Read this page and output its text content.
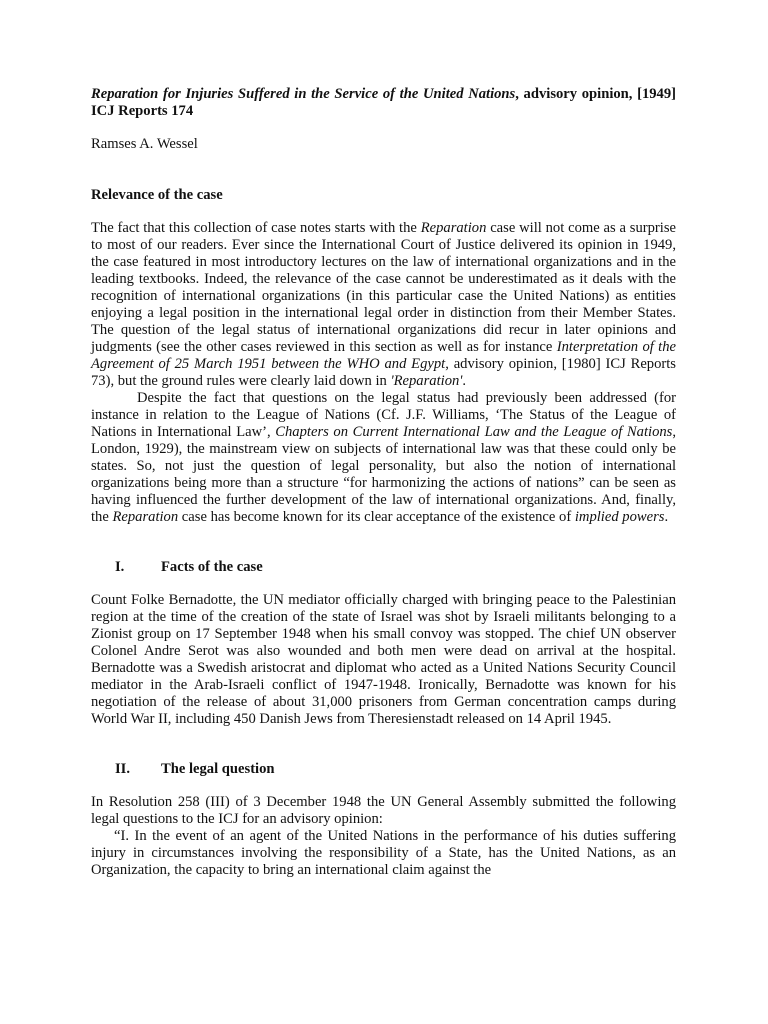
Reparation for Injuries Suffered in the Service of the United Nations, advisory opinion, [1949] ICJ Reports 174

Ramses A. Wessel

Relevance of the case

The fact that this collection of case notes starts with the Reparation case will not come as a surprise to most of our readers. Ever since the International Court of Justice delivered its opinion in 1949, the case featured in most introductory lectures on the law of international organizations and in the leading textbooks. Indeed, the relevance of the case cannot be underestimated as it deals with the recognition of international organizations (in this particular case the United Nations) as entities enjoying a legal position in the international legal order in distinction from their Member States. The question of the legal status of international organizations did recur in later opinions and judgments (see the other cases reviewed in this section as well as for instance Interpretation of the Agreement of 25 March 1951 between the WHO and Egypt, advisory opinion, [1980] ICJ Reports 73), but the ground rules were clearly laid down in 'Reparation'.

Despite the fact that questions on the legal status had previously been addressed (for instance in relation to the League of Nations (Cf. J.F. Williams, ‘The Status of the League of Nations in International Law’, Chapters on Current International Law and the League of Nations, London, 1929), the mainstream view on subjects of international law was that these could only be states. So, not just the question of legal personality, but also the notion of international organizations being more than a structure “for harmonizing the actions of nations” can be seen as having influenced the further development of the law of international organizations. And, finally, the Reparation case has become known for its clear acceptance of the existence of implied powers.

I.	Facts of the case

Count Folke Bernadotte, the UN mediator officially charged with bringing peace to the Palestinian region at the time of the creation of the state of Israel was shot by Israeli militants belonging to a Zionist group on 17 September 1948 when his small convoy was stopped. The chief UN observer Colonel Andre Serot was also wounded and both men were dead on arrival at the hospital. Bernadotte was a Swedish aristocrat and diplomat who acted as a United Nations Security Council mediator in the Arab-Israeli conflict of 1947-1948. Ironically, Bernadotte was known for his negotiation of the release of about 31,000 prisoners from German concentration camps during World War II, including 450 Danish Jews from Theresienstadt released on 14 April 1945.

II.	The legal question

In Resolution 258 (III) of 3 December 1948 the UN General Assembly submitted the following legal questions to the ICJ for an advisory opinion:

“I. In the event of an agent of the United Nations in the performance of his duties suffering injury in circumstances involving the responsibility of a State, has the United Nations, as an Organization, the capacity to bring an international claim against the
